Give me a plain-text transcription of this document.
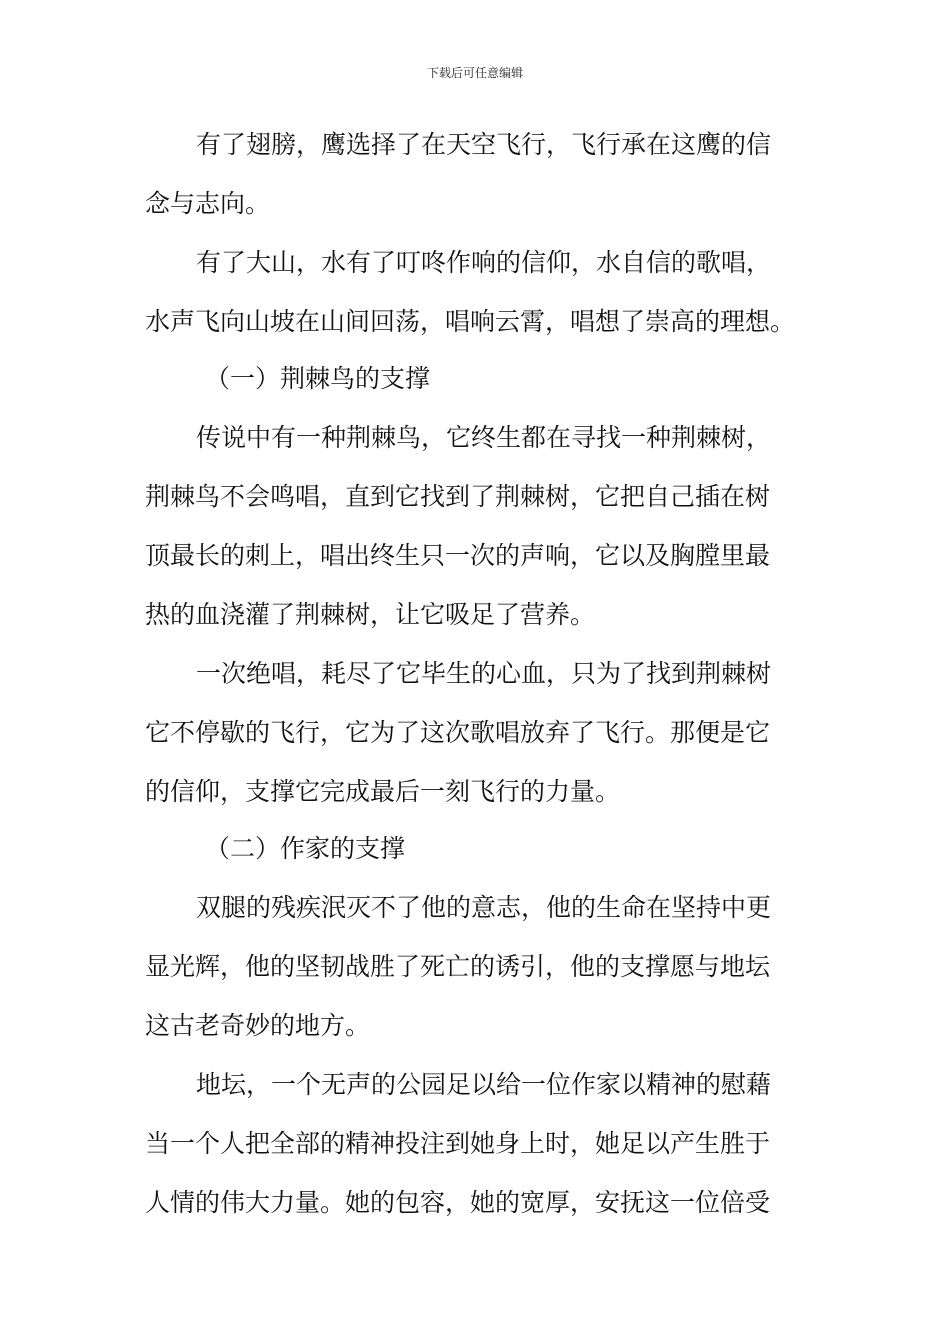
下载后可任意编辑
有了翅膀，鹰选择了在天空飞行，飞行承在这鹰的信
念与志向。
有了大山，水有了叮咚作响的信仰，水自信的歌唱，
水声飞向山坡在山间回荡，唱响云霄，唱想了崇高的理想。
（一）荆棘鸟的支撑
传说中有一种荆棘鸟，它终生都在寻找一种荆棘树，
荆棘鸟不会鸣唱，直到它找到了荆棘树，它把自己插在树
顶最长的刺上，唱出终生只一次的声响，它以及胸膛里最
热的血浇灌了荆棘树，让它吸足了营养。
一次绝唱，耗尽了它毕生的心血，只为了找到荆棘树
它不停歇的飞行，它为了这次歌唱放弃了飞行。那便是它
的信仰，支撑它完成最后一刻飞行的力量。
（二）作家的支撑
双腿的残疾泯灭不了他的意志，他的生命在坚持中更
显光辉，他的坚韧战胜了死亡的诱引，他的支撑愿与地坛
这古老奇妙的地方。
地坛，一个无声的公园足以给一位作家以精神的慰藉
当一个人把全部的精神投注到她身上时，她足以产生胜于
人情的伟大力量。她的包容，她的宽厚，安抚这一位倍受
